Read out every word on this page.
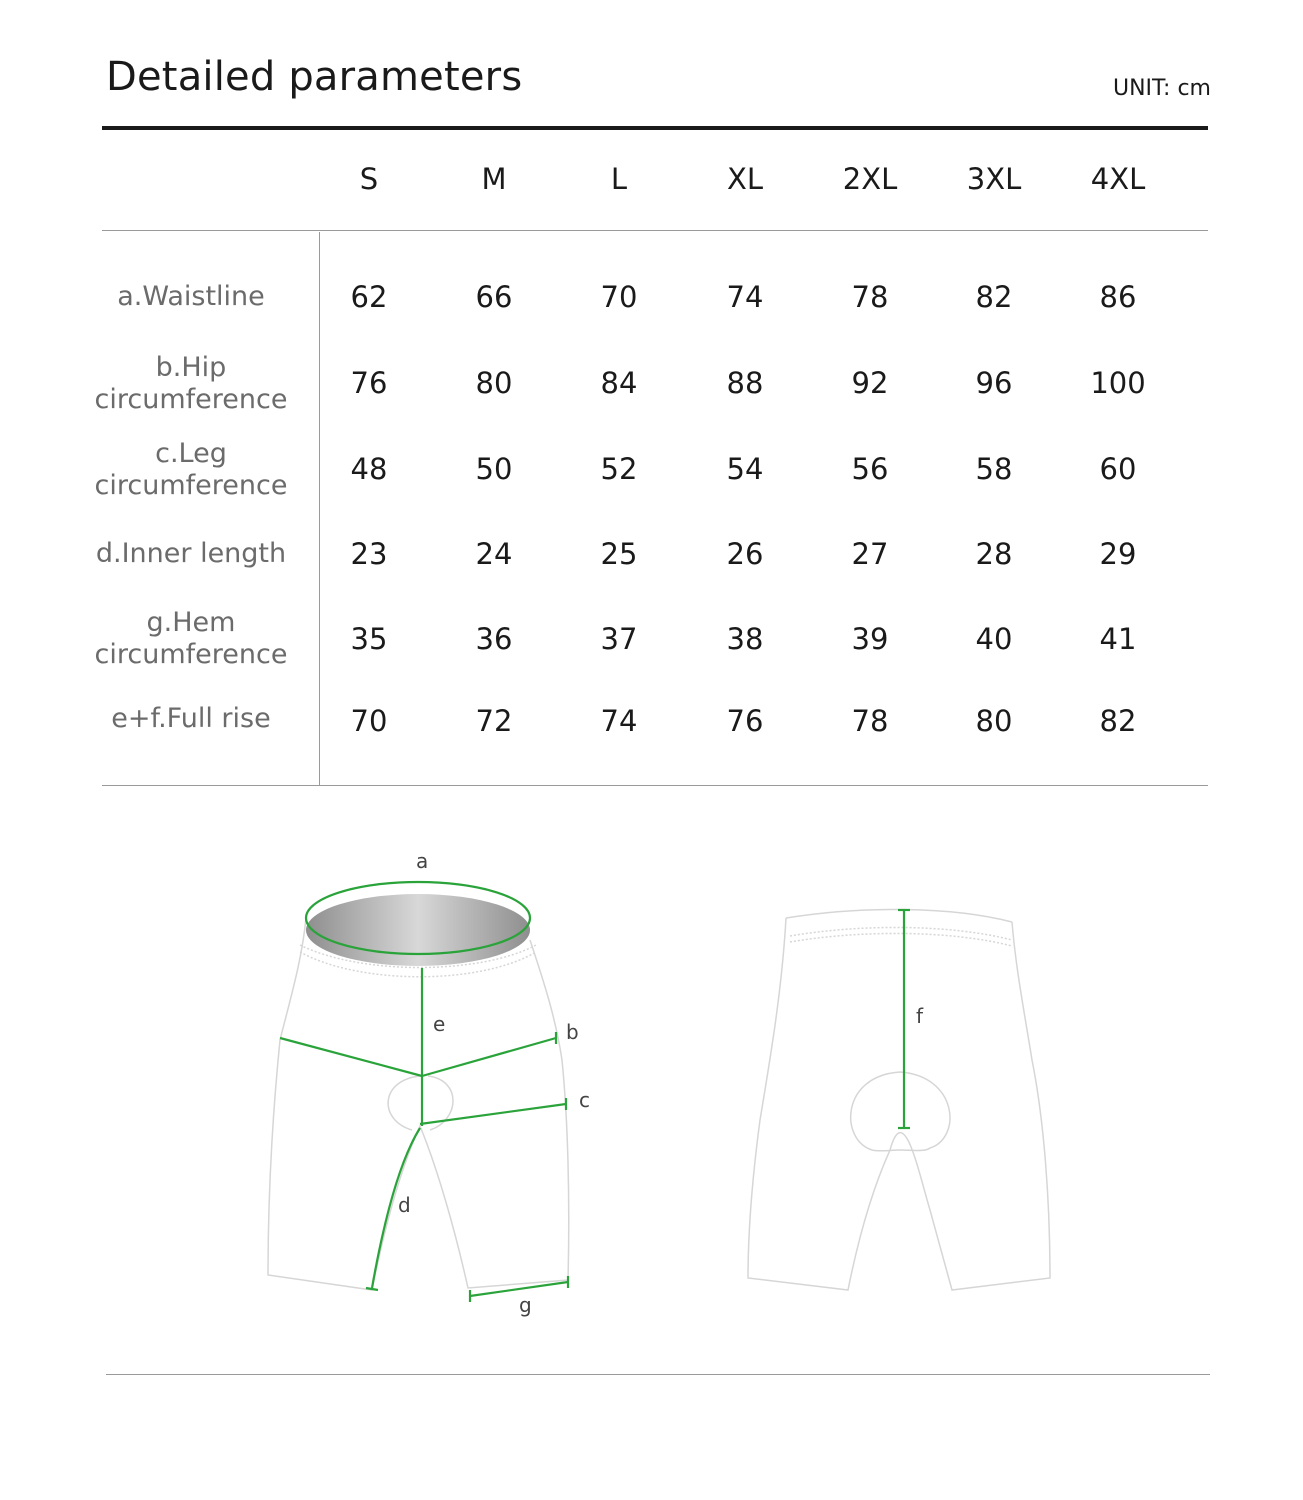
Detailed parameters	UNIT: cm
S	M	L	XL	2XL	3XL	4XL
a.Waistline	62	66	70	74	78	82	86
b.Hip
circumference	76	80	84	88	92	96	100
c.Leg
circumference	48	50	52	54	56	58	60
d.Inner length	23	24	25	26	27	28	29
g.Hem
circumference	35	36	37	38	39	40	41
e+f.Full rise	70	72	74	76	78	80	82
a
e	b
c
d
g
f
